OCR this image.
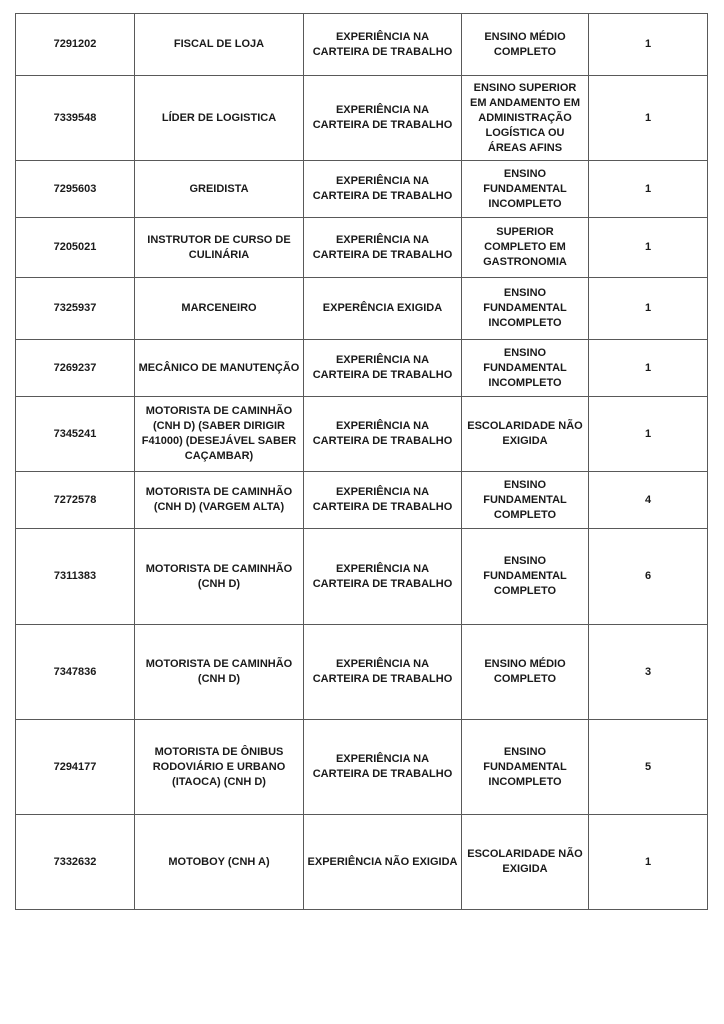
7291202	FISCAL DE LOJA	EXPERIÊNCIA NA CARTEIRA DE TRABALHO	ENSINO MÉDIO COMPLETO	1
7339548	LÍDER DE LOGISTICA	EXPERIÊNCIA NA CARTEIRA DE TRABALHO	ENSINO SUPERIOR EM ANDAMENTO EM ADMINISTRAÇÃO LOGÍSTICA OU ÁREAS AFINS	1
7295603	GREIDISTA	EXPERIÊNCIA NA CARTEIRA DE TRABALHO	ENSINO FUNDAMENTAL INCOMPLETO	1
7205021	INSTRUTOR DE CURSO DE CULINÁRIA	EXPERIÊNCIA NA CARTEIRA DE TRABALHO	SUPERIOR COMPLETO EM GASTRONOMIA	1
7325937	MARCENEIRO	EXPERÊNCIA EXIGIDA	ENSINO FUNDAMENTAL INCOMPLETO	1
7269237	MECÂNICO DE MANUTENÇÃO	EXPERIÊNCIA NA CARTEIRA DE TRABALHO	ENSINO FUNDAMENTAL INCOMPLETO	1
7345241	MOTORISTA DE CAMINHÃO (CNH D) (SABER DIRIGIR F41000) (DESEJÁVEL SABER CAÇAMBAR)	EXPERIÊNCIA NA CARTEIRA DE TRABALHO	ESCOLARIDADE NÃO EXIGIDA	1
7272578	MOTORISTA DE CAMINHÃO (CNH D) (VARGEM ALTA)	EXPERIÊNCIA NA CARTEIRA DE TRABALHO	ENSINO FUNDAMENTAL COMPLETO	4
7311383	MOTORISTA DE CAMINHÃO (CNH D)	EXPERIÊNCIA NA CARTEIRA DE TRABALHO	ENSINO FUNDAMENTAL COMPLETO	6
7347836	MOTORISTA DE CAMINHÃO (CNH D)	EXPERIÊNCIA NA CARTEIRA DE TRABALHO	ENSINO MÉDIO COMPLETO	3
7294177	MOTORISTA DE ÔNIBUS RODOVIÁRIO E URBANO (ITAOCA) (CNH D)	EXPERIÊNCIA NA CARTEIRA DE TRABALHO	ENSINO FUNDAMENTAL INCOMPLETO	5
7332632	MOTOBOY (CNH A)	EXPERIÊNCIA NÃO EXIGIDA	ESCOLARIDADE NÃO EXIGIDA	1
